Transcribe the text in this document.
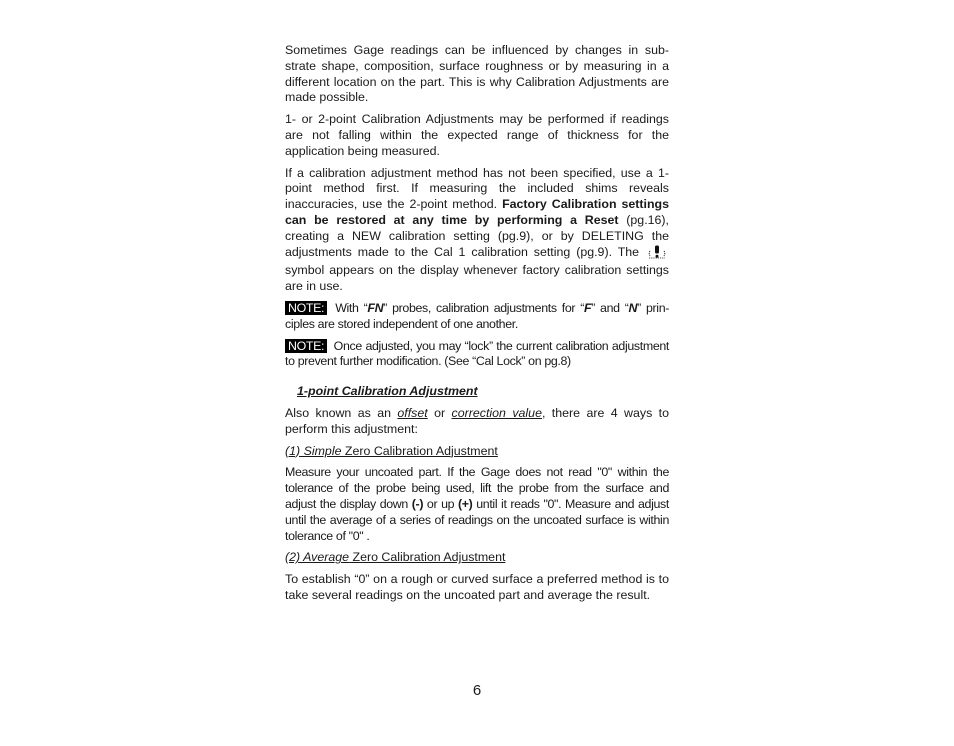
Sometimes Gage readings can be influenced by changes in sub-strate shape, composition, surface roughness or by measuring in a different location on the part. This is why Calibration Adjustments are made possible.

1- or 2-point Calibration Adjustments may be performed if readings are not falling within the expected range of thickness for the application being measured.

If a calibration adjustment method has not been specified, use a 1-point method first. If measuring the included shims reveals inaccuracies, use the 2-point method. Factory Calibration settings can be restored at any time by performing a Reset (pg.16), creating a NEW calibration setting (pg.9), or by DELETING the adjustments made to the Cal 1 calibration setting (pg.9). The  symbol appears on the display whenever factory calibration settings are in use.

NOTE: With “FN” probes, calibration adjustments for “F” and “N” prin-ciples are stored independent of one another.

NOTE: Once adjusted, you may “lock” the current calibration adjustment to prevent further modification. (See “Cal Lock” on pg.8)

1-point Calibration Adjustment

Also known as an offset or correction value, there are 4 ways to perform this adjustment:

(1) Simple Zero Calibration Adjustment

Measure your uncoated part. If the Gage does not read "0" within the tolerance of the probe being used, lift the probe from the surface and adjust the display down (-) or up (+) until it reads "0". Measure and adjust until the average of a series of readings on the uncoated surface is within tolerance of "0" .

(2) Average Zero Calibration Adjustment

To establish “0” on a rough or curved surface a preferred method is to take several readings on the uncoated part and average the result.

6
